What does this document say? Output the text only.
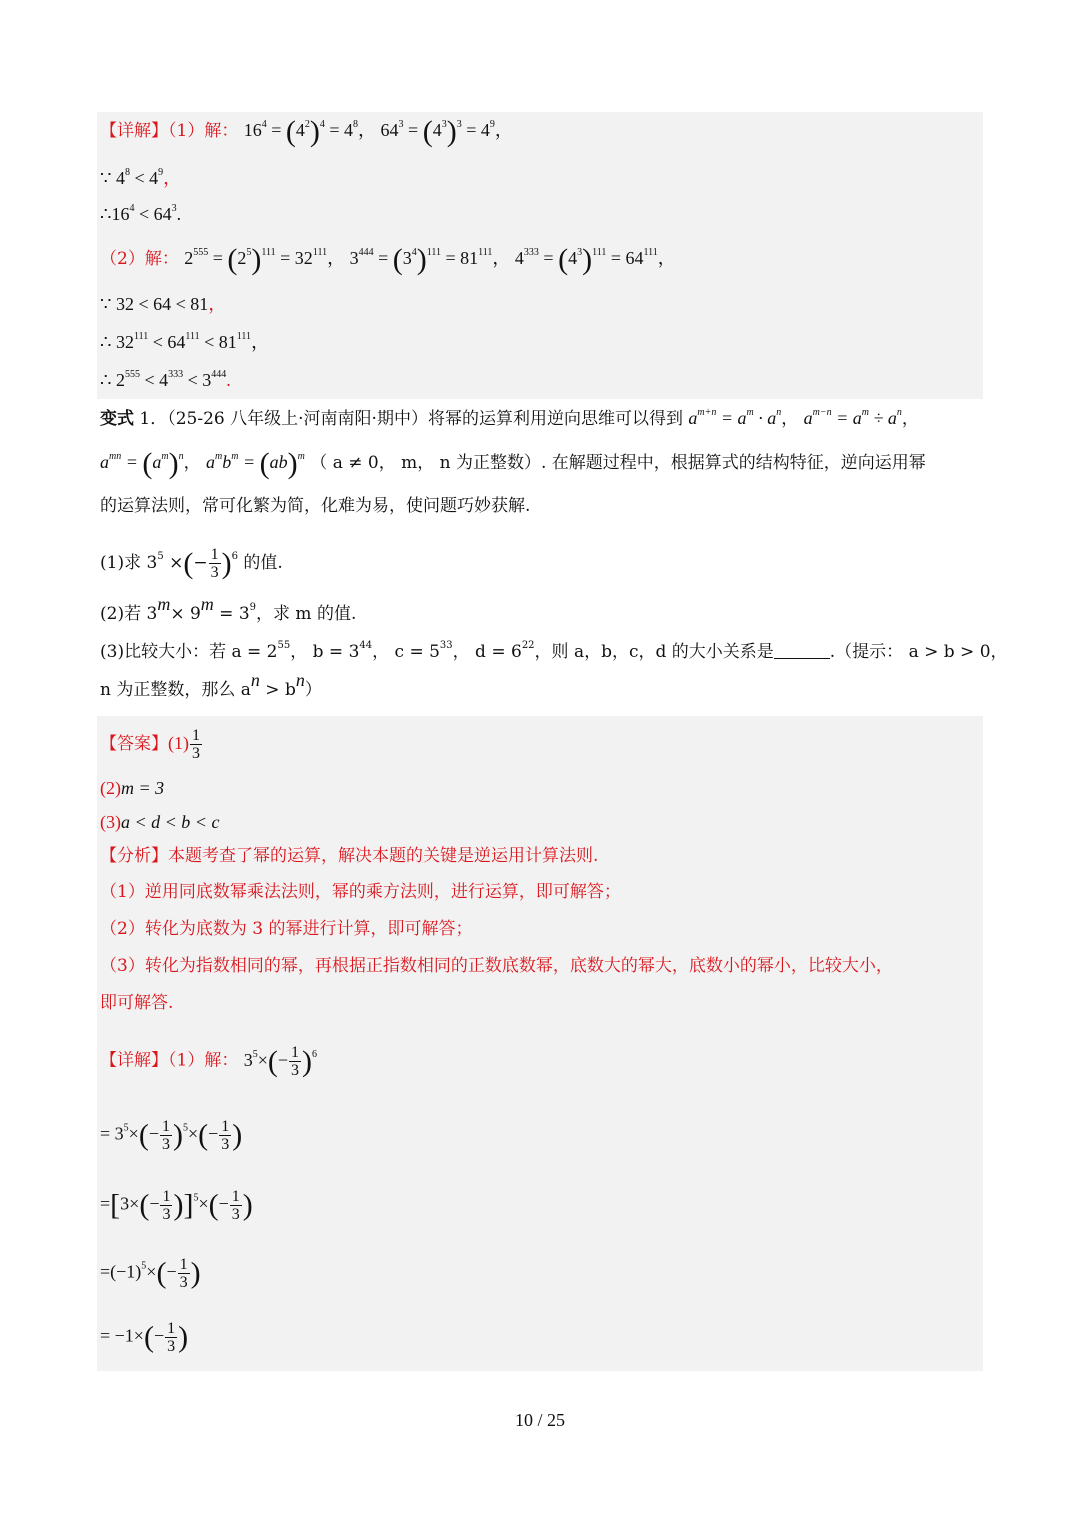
【详解】（1）解： $16^4 = (4^2)^4 = 4^8$， $64^3 = (4^3)^3 = 4^9$，
∵ $4^8 < 4^9$，
$\therefore 16^4 < 64^3$.
（2）解： $2^{555} = (2^5)^{111} = 32^{111}$， $3^{444} = (3^4)^{111} = 81^{111}$， $4^{333} = (4^3)^{111} = 64^{111}$，
∵ 32 < 64 < 81，
∴ $32^{111} < 64^{111} < 81^{111}$，
∴ $2^{555} < 4^{333} < 3^{444}$.
变式 1．（25-26 八年级上·河南南阳·期中）将幂的运算利用逆向思维可以得到 $a^{m+n} = a^m \cdot a^n$， $a^{m-n} = a^m \div a^n$，
$a^{mn} = (a^m)^n$， $a^mb^m = (ab)^m$ （ a ≠ 0， m， n 为正整数）. 在解题过程中，根据算式的结构特征，逆向运用幂
的运算法则，常可化繁为简，化难为易，使问题巧妙获解.
(1)求 $3^5$ ×(− $\frac{1}{3} )^6$ 的值.
(2)若 $3^m\times 9^m = 3^9$，求 m 的值.
(3)比较大小：若 $a = 2^{55}$， $b = 3^{44}$， $c = 5^{33}$， $d = 6^{22}$，则 a，b，c，d 的大小关系是	.（提示： a > b > 0，
n 为正整数，那么 $a^n > b^n$）
【答案】$(1) \frac{1}{3}$
(2)m = 3
(3)a < d < b < c
【分析】本题考查了幂的运算，解决本题的关键是逆运用计算法则.
（1）逆用同底数幂乘法法则，幂的乘方法则，进行运算，即可解答；
（2）转化为底数为 3 的幂进行计算，即可解答；
（3）转化为指数相同的幂，再根据正指数相同的正数底数幂，底数大的幂大，底数小的幂小，比较大小，
即可解答.
【详解】（1）解： $3^5\times(- \frac{1}{3} )^6$
= $3^5\times(- \frac{1}{3} )^5\times(- \frac{1}{3}$ )
$=[3\times(- \frac{1}{3} )]^5\times(- \frac{1}{3}$ )
$=(-1)^5\times(- \frac{1}{3}$ )
= $-1\times(- \frac{1}{3}$ )
10 / 25
